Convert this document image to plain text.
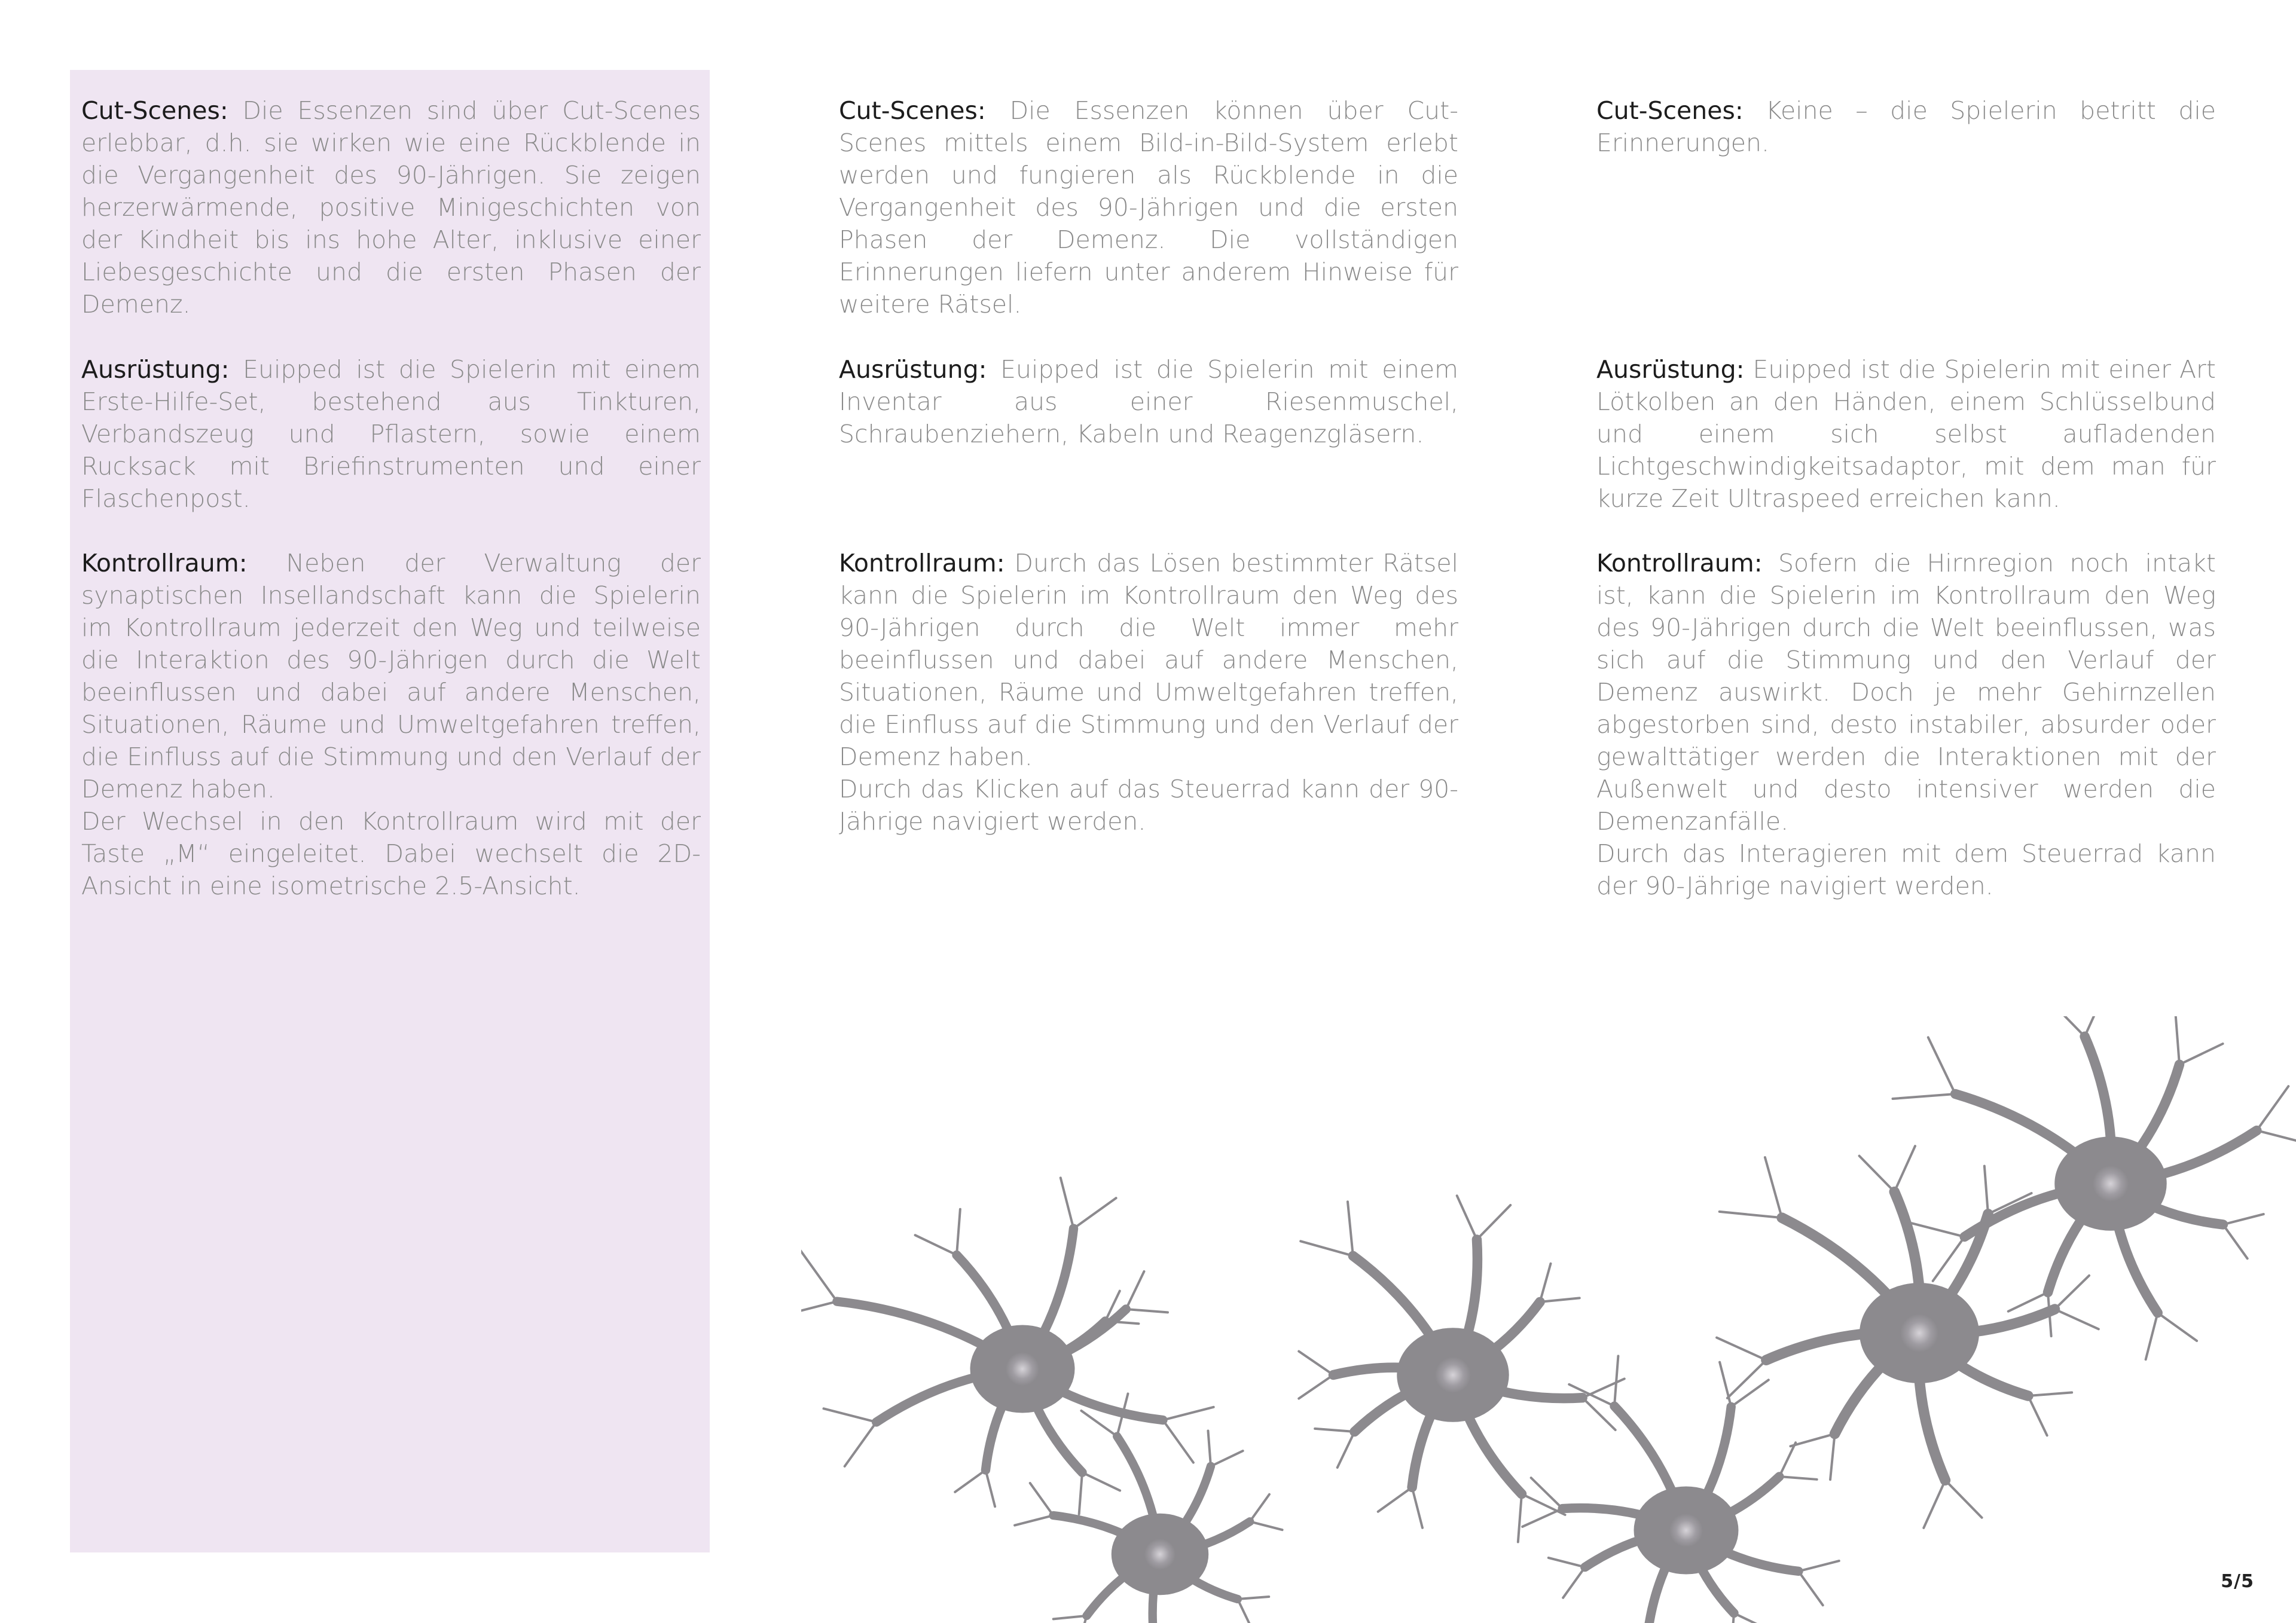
Cut-Scenes: Die Essenzen sind über Cut-Scenes erlebbar, d.h. sie wirken wie eine Rückblende in die Vergangenheit des 90-Jährigen. Sie zeigen herzerwärmende, positive Minigeschichten von der Kindheit bis ins hohe Alter, inklusive einer Liebesgeschichte und die ersten Phasen der Demenz.

Ausrüstung: Euipped ist die Spielerin mit einem Erste-Hilfe-Set, bestehend aus Tinkturen, Verbandszeug und Pflastern, sowie einem Rucksack mit Briefinstrumenten und einer Flaschenpost.

Kontrollraum: Neben der Verwaltung der synaptischen Insellandschaft kann die Spielerin im Kontrollraum jederzeit den Weg und teilweise die Interaktion des 90-Jährigen durch die Welt beeinflussen und dabei auf andere Menschen, Situationen, Räume und Umweltgefahren treffen, die Einfluss auf die Stimmung und den Verlauf der Demenz haben.
Der Wechsel in den Kontrollraum wird mit der Taste „M“ eingeleitet. Dabei wechselt die 2D-Ansicht in eine isometrische 2.5-Ansicht.

Cut-Scenes: Die Essenzen können über Cut-Scenes mittels einem Bild-in-Bild-System erlebt werden und fungieren als Rückblende in die Vergangenheit des 90-Jährigen und die ersten Phasen der Demenz. Die vollständigen Erinnerungen liefern unter anderem Hinweise für weitere Rätsel.

Ausrüstung: Euipped ist die Spielerin mit einem Inventar aus einer Riesenmuschel, Schraubenziehern, Kabeln und Reagenzgläsern.

Kontrollraum: Durch das Lösen bestimmter Rätsel kann die Spielerin im Kontrollraum den Weg des 90-Jährigen durch die Welt immer mehr beeinflussen und dabei auf andere Menschen, Situationen, Räume und Umweltgefahren treffen, die Einfluss auf die Stimmung und den Verlauf der Demenz haben.
Durch das Klicken auf das Steuerrad kann der 90-Jährige navigiert werden.

Cut-Scenes: Keine – die Spielerin betritt die Erinnerungen.

Ausrüstung: Euipped ist die Spielerin mit einer Art Lötkolben an den Händen, einem Schlüsselbund und einem sich selbst aufladenden Lichtgeschwindigkeitsadaptor, mit dem man für kurze Zeit Ultraspeed erreichen kann.

Kontrollraum: Sofern die Hirnregion noch intakt ist, kann die Spielerin im Kontrollraum den Weg des 90-Jährigen durch die Welt beeinflussen, was sich auf die Stimmung und den Verlauf der Demenz auswirkt. Doch je mehr Gehirnzellen abgestorben sind, desto instabiler, absurder oder gewalttätiger werden die Interaktionen mit der Außenwelt und desto intensiver werden die Demenzanfälle.
Durch das Interagieren mit dem Steuerrad kann der 90-Jährige navigiert werden.

5/5
